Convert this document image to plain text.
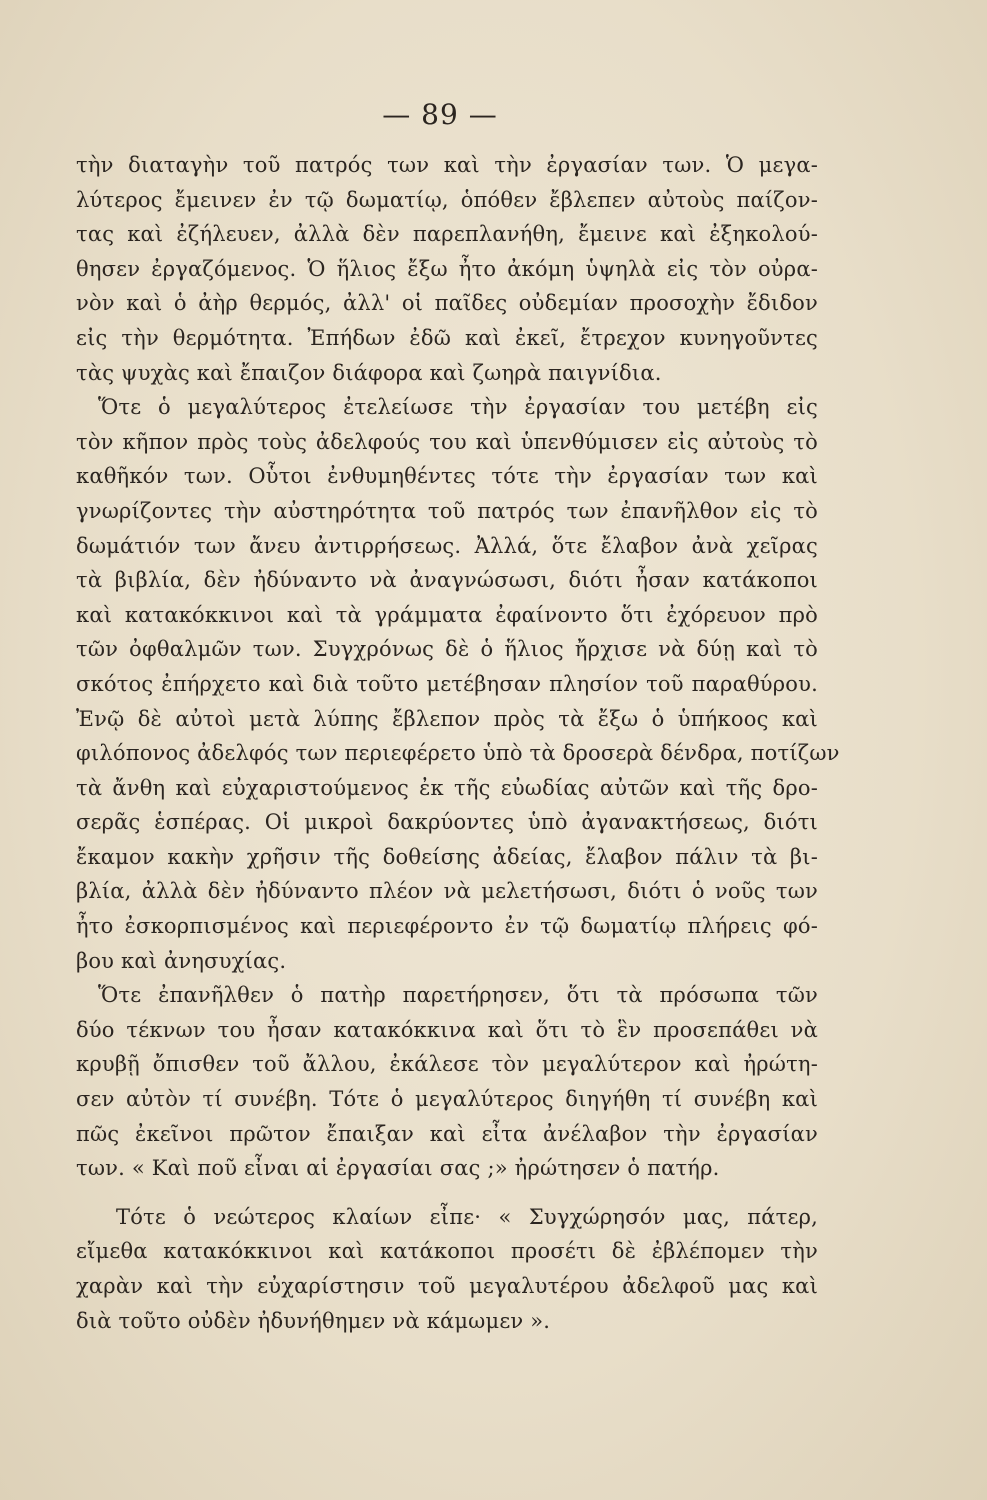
— 89 —
τὴν διαταγὴν τοῦ πατρός των καὶ τὴν ἐργασίαν των. Ὁ μεγα-
λύτερος ἔμεινεν ἐν τῷ δωματίῳ, ὁπόθεν ἔβλεπεν αὐτοὺς παίζον-
τας καὶ ἐζήλευεν, ἀλλὰ δὲν παρεπλανήθη, ἔμεινε καὶ ἐξηκολού-
θησεν ἐργαζόμενος. Ὁ ἥλιος ἔξω ἦτο ἀκόμη ὑψηλὰ εἰς τὸν οὐρα-
νὸν καὶ ὁ ἀὴρ θερμός, ἀλλ' οἱ παῖδες οὐδεμίαν προσοχὴν ἔδιδον
εἰς τὴν θερμότητα. Ἐπήδων ἐδῶ καὶ ἐκεῖ, ἔτρεχον κυνηγοῦντες
τὰς ψυχὰς καὶ ἔπαιζον διάφορα καὶ ζωηρὰ παιγνίδια.
Ὅτε ὁ μεγαλύτερος ἐτελείωσε τὴν ἐργασίαν του μετέβη εἰς
τὸν κῆπον πρὸς τοὺς ἀδελφούς του καὶ ὑπενθύμισεν εἰς αὐτοὺς τὸ
καθῆκόν των. Οὗτοι ἐνθυμηθέντες τότε τὴν ἐργασίαν των καὶ
γνωρίζοντες τὴν αὐστηρότητα τοῦ πατρός των ἐπανῆλθον εἰς τὸ
δωμάτιόν των ἄνευ ἀντιρρήσεως. Ἀλλά, ὅτε ἔλαβον ἀνὰ χεῖρας
τὰ βιβλία, δὲν ἠδύναντο νὰ ἀναγνώσωσι, διότι ἦσαν κατάκοποι
καὶ κατακόκκινοι καὶ τὰ γράμματα ἐφαίνοντο ὅτι ἐχόρευον πρὸ
τῶν ὀφθαλμῶν των. Συγχρόνως δὲ ὁ ἥλιος ἤρχισε νὰ δύῃ καὶ τὸ
σκότος ἐπήρχετο καὶ διὰ τοῦτο μετέβησαν πλησίον τοῦ παραθύρου.
Ἐνῷ δὲ αὐτοὶ μετὰ λύπης ἔβλεπον πρὸς τὰ ἔξω ὁ ὑπήκοος καὶ
φιλόπονος ἀδελφός των περιεφέρετο ὑπὸ τὰ δροσερὰ δένδρα, ποτίζων
τὰ ἄνθη καὶ εὐχαριστούμενος ἐκ τῆς εὐωδίας αὐτῶν καὶ τῆς δρο-
σερᾶς ἑσπέρας. Οἱ μικροὶ δακρύοντες ὑπὸ ἀγανακτήσεως, διότι
ἔκαμον κακὴν χρῆσιν τῆς δοθείσης ἀδείας, ἔλαβον πάλιν τὰ βι-
βλία, ἀλλὰ δὲν ἠδύναντο πλέον νὰ μελετήσωσι, διότι ὁ νοῦς των
ἦτο ἐσκορπισμένος καὶ περιεφέροντο ἐν τῷ δωματίῳ πλήρεις φό-
βου καὶ ἀνησυχίας.
Ὅτε ἐπανῆλθεν ὁ πατὴρ παρετήρησεν, ὅτι τὰ πρόσωπα τῶν
δύο τέκνων του ἦσαν κατακόκκινα καὶ ὅτι τὸ ἓν προσεπάθει νὰ
κρυβῇ ὄπισθεν τοῦ ἄλλου, ἐκάλεσε τὸν μεγαλύτερον καὶ ἠρώτη-
σεν αὐτὸν τί συνέβη. Τότε ὁ μεγαλύτερος διηγήθη τί συνέβη καὶ
πῶς ἐκεῖνοι πρῶτον ἔπαιξαν καὶ εἶτα ἀνέλαβον τὴν ἐργασίαν
των. « Καὶ ποῦ εἶναι αἱ ἐργασίαι σας ;» ἠρώτησεν ὁ πατήρ.
Τότε ὁ νεώτερος κλαίων εἶπε· « Συγχώρησόν μας, πάτερ,
εἴμεθα κατακόκκινοι καὶ κατάκοποι προσέτι δὲ ἐβλέπομεν τὴν
χαρὰν καὶ τὴν εὐχαρίστησιν τοῦ μεγαλυτέρου ἀδελφοῦ μας καὶ
διὰ τοῦτο οὐδὲν ἠδυνήθημεν νὰ κάμωμεν ».
